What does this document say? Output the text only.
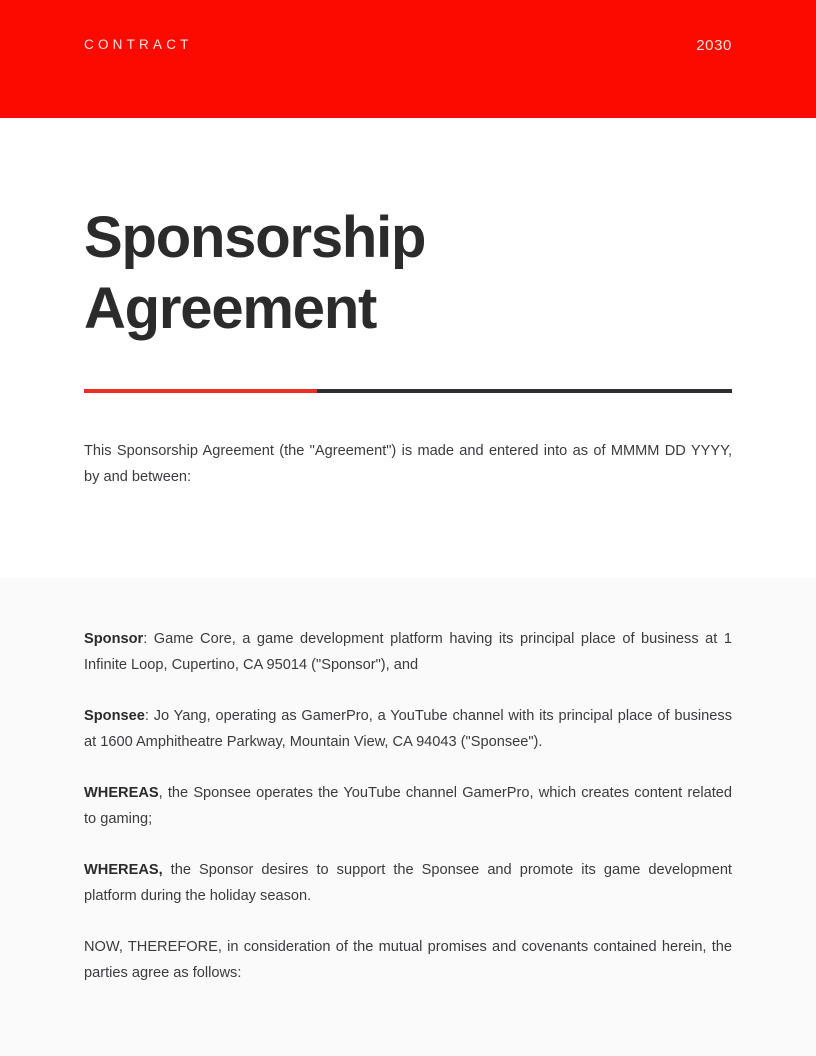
CONTRACT	2030
Sponsorship
Agreement

This Sponsorship Agreement (the "Agreement") is made and entered into as of MMMM DD YYYY, by and between:

Sponsor: Game Core, a game development platform having its principal place of business at 1 Infinite Loop, Cupertino, CA 95014 ("Sponsor"), and

Sponsee: Jo Yang, operating as GamerPro, a YouTube channel with its principal place of business at 1600 Amphitheatre Parkway, Mountain View, CA 94043 ("Sponsee").

WHEREAS, the Sponsee operates the YouTube channel GamerPro, which creates content related to gaming;

WHEREAS, the Sponsor desires to support the Sponsee and promote its game development platform during the holiday season.

NOW, THEREFORE, in consideration of the mutual promises and covenants contained herein, the parties agree as follows:
